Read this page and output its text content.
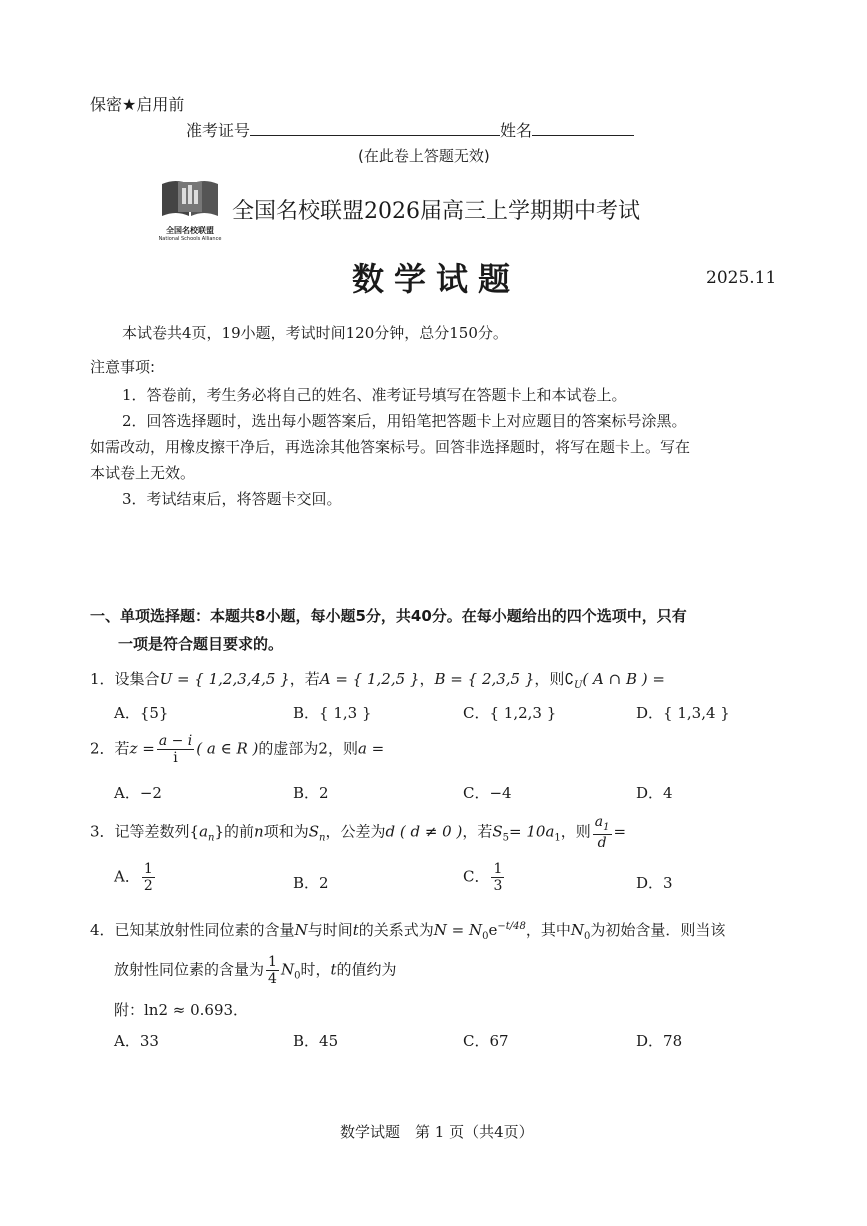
保密★启用前
准考证号	姓名
(在此卷上答题无效)
全国名校联盟
National Schools Alliance
全国名校联盟2026届高三上学期期中考试
数学试题	2025.11
本试卷共4页，19小题，考试时间120分钟，总分150分。
注意事项:
1．答卷前，考生务必将自己的姓名、准考证号填写在答题卡上和本试卷上。
2．回答选择题时，选出每小题答案后，用铅笔把答题卡上对应题目的答案标号涂黑。
如需改动，用橡皮擦干净后，再选涂其他答案标号。回答非选择题时，将写在题卡上。写在
本试卷上无效。
3．考试结束后，将答题卡交回。
一、单项选择题：本题共8小题，每小题5分，共40分。在每小题给出的四个选项中，只有
一项是符合题目要求的。
1．设集合U = { 1,2,3,4,5 }，若A = { 1,2,5 }，B = { 2,3,5 }，则$∁_U$( A ∩ B ) =
A．{5}	B．{ 1,3 }	C．{ 1,2,3 }	D．{ 1,3,4 }
2．若$z = \frac{a - i}{i}$ ( a ∈ R )的虚部为2，则a =
A．−2	B．2	C．−4	D．4
3．记等差数列$\{a_n\}$的前n项和为$S_n$，公差为d ( d ≠ 0 )，若$S_5= 10a_1$，则 $\frac{a_1}{d}$ =
A． $\frac{1}{2}$	B．2	C． $\frac{1}{3}$	D．3
4．已知某放射性同位素的含量N与时间t的关系式为$N = N_0e^{-t/48}$，其中$N_0$为初始含量．则当该
放射性同位素的含量为 $\frac{1}{4} N_0$时，t的值约为
附：ln2 ≈ 0.693．
A．33	B．45	C．67	D．78
数学试题　第 1 页（共4页）
